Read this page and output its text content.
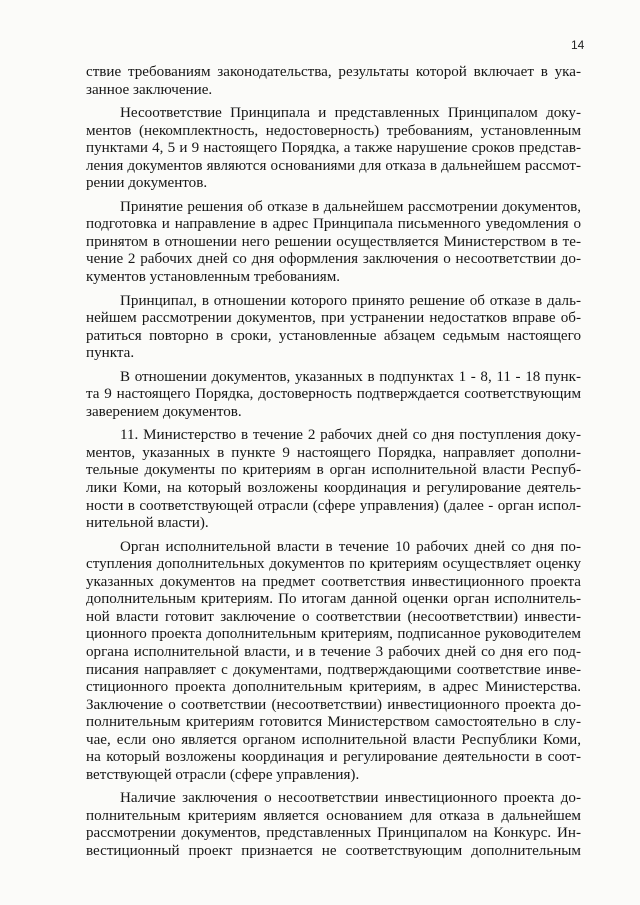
14
ствие требованиям законодательства, результаты которой включает в ука-
занное заключение.
Несоответствие Принципала и представленных Принципалом доку-
ментов (некомплектность, недостоверность) требованиям, установленным
пунктами 4, 5 и 9 настоящего Порядка, а также нарушение сроков представ-
ления документов являются основаниями для отказа в дальнейшем рассмот-
рении документов.
Принятие решения об отказе в дальнейшем рассмотрении документов,
подготовка и направление в адрес Принципала письменного уведомления о
принятом в отношении него решении осуществляется Министерством в те-
чение 2 рабочих дней со дня оформления заключения о несоответствии до-
кументов установленным требованиям.
Принципал, в отношении которого принято решение об отказе в даль-
нейшем рассмотрении документов, при устранении недостатков вправе об-
ратиться повторно в сроки, установленные абзацем седьмым настоящего
пункта.
В отношении документов, указанных в подпунктах 1 - 8, 11 - 18 пунк-
та 9 настоящего Порядка, достоверность подтверждается соответствующим
заверением документов.
11. Министерство в течение 2 рабочих дней со дня поступления доку-
ментов, указанных в пункте 9 настоящего Порядка, направляет дополни-
тельные документы по критериям в орган исполнительной власти Респуб-
лики Коми, на который возложены координация и регулирование деятель-
ности в соответствующей отрасли (сфере управления) (далее - орган испол-
нительной власти).
Орган исполнительной власти в течение 10 рабочих дней со дня по-
ступления дополнительных документов по критериям осуществляет оценку
указанных документов на предмет соответствия инвестиционного проекта
дополнительным критериям. По итогам данной оценки орган исполнитель-
ной власти готовит заключение о соответствии (несоответствии) инвести-
ционного проекта дополнительным критериям, подписанное руководителем
органа исполнительной власти, и в течение 3 рабочих дней со дня его под-
писания направляет с документами, подтверждающими соответствие инве-
стиционного проекта дополнительным критериям, в адрес Министерства.
Заключение о соответствии (несоответствии) инвестиционного проекта до-
полнительным критериям готовится Министерством самостоятельно в слу-
чае, если оно является органом исполнительной власти Республики Коми,
на который возложены координация и регулирование деятельности в соот-
ветствующей отрасли (сфере управления).
Наличие заключения о несоответствии инвестиционного проекта до-
полнительным критериям является основанием для отказа в дальнейшем
рассмотрении документов, представленных Принципалом на Конкурс. Ин-
вестиционный проект признается не соответствующим дополнительным
